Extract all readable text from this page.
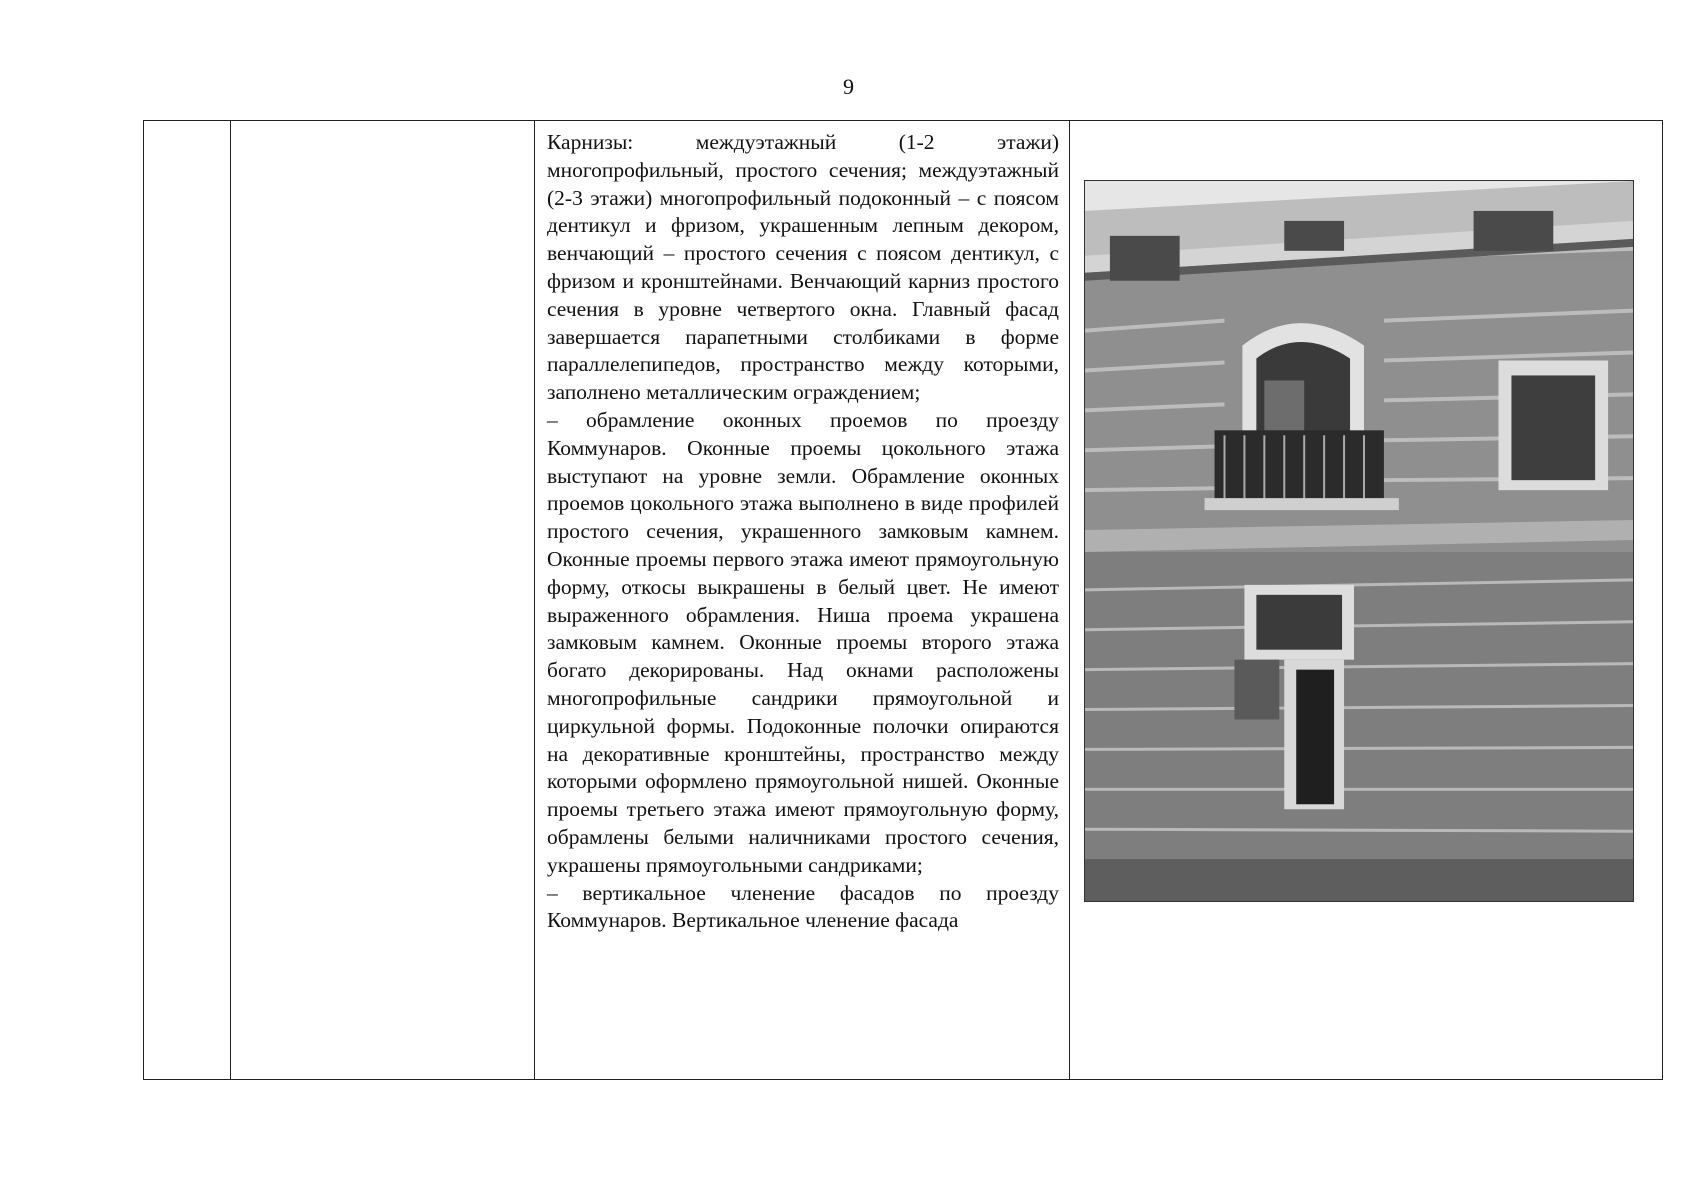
9

Карнизы: междуэтажный (1-2 этажи) многопрофильный, простого сечения; междуэтажный (2-3 этажи) многопрофильный подоконный – с поясом дентикул и фризом, украшенным лепным декором, венчающий – простого сечения с поясом дентикул, с фризом и кронштейнами. Венчающий карниз простого сечения в уровне четвертого окна. Главный фасад завершается парапетными столбиками в форме параллелепипедов, пространство между которыми, заполнено металлическим ограждением;

– обрамление оконных проемов по проезду Коммунаров. Оконные проемы цокольного этажа выступают на уровне земли. Обрамление оконных проемов цокольного этажа выполнено в виде профилей простого сечения, украшенного замковым камнем. Оконные проемы первого этажа имеют прямоугольную форму, откосы выкрашены в белый цвет. Не имеют выраженного обрамления. Ниша проема украшена замковым камнем. Оконные проемы второго этажа богато декорированы. Над окнами расположены многопрофильные сандрики прямоугольной и циркульной формы. Подоконные полочки опираются на декоративные кронштейны, пространство между которыми оформлено прямоугольной нишей. Оконные проемы третьего этажа имеют прямоугольную форму, обрамлены белыми наличниками простого сечения, украшены прямоугольными сандриками;

– вертикальное членение фасадов по проезду Коммунаров. Вертикальное членение фасада
